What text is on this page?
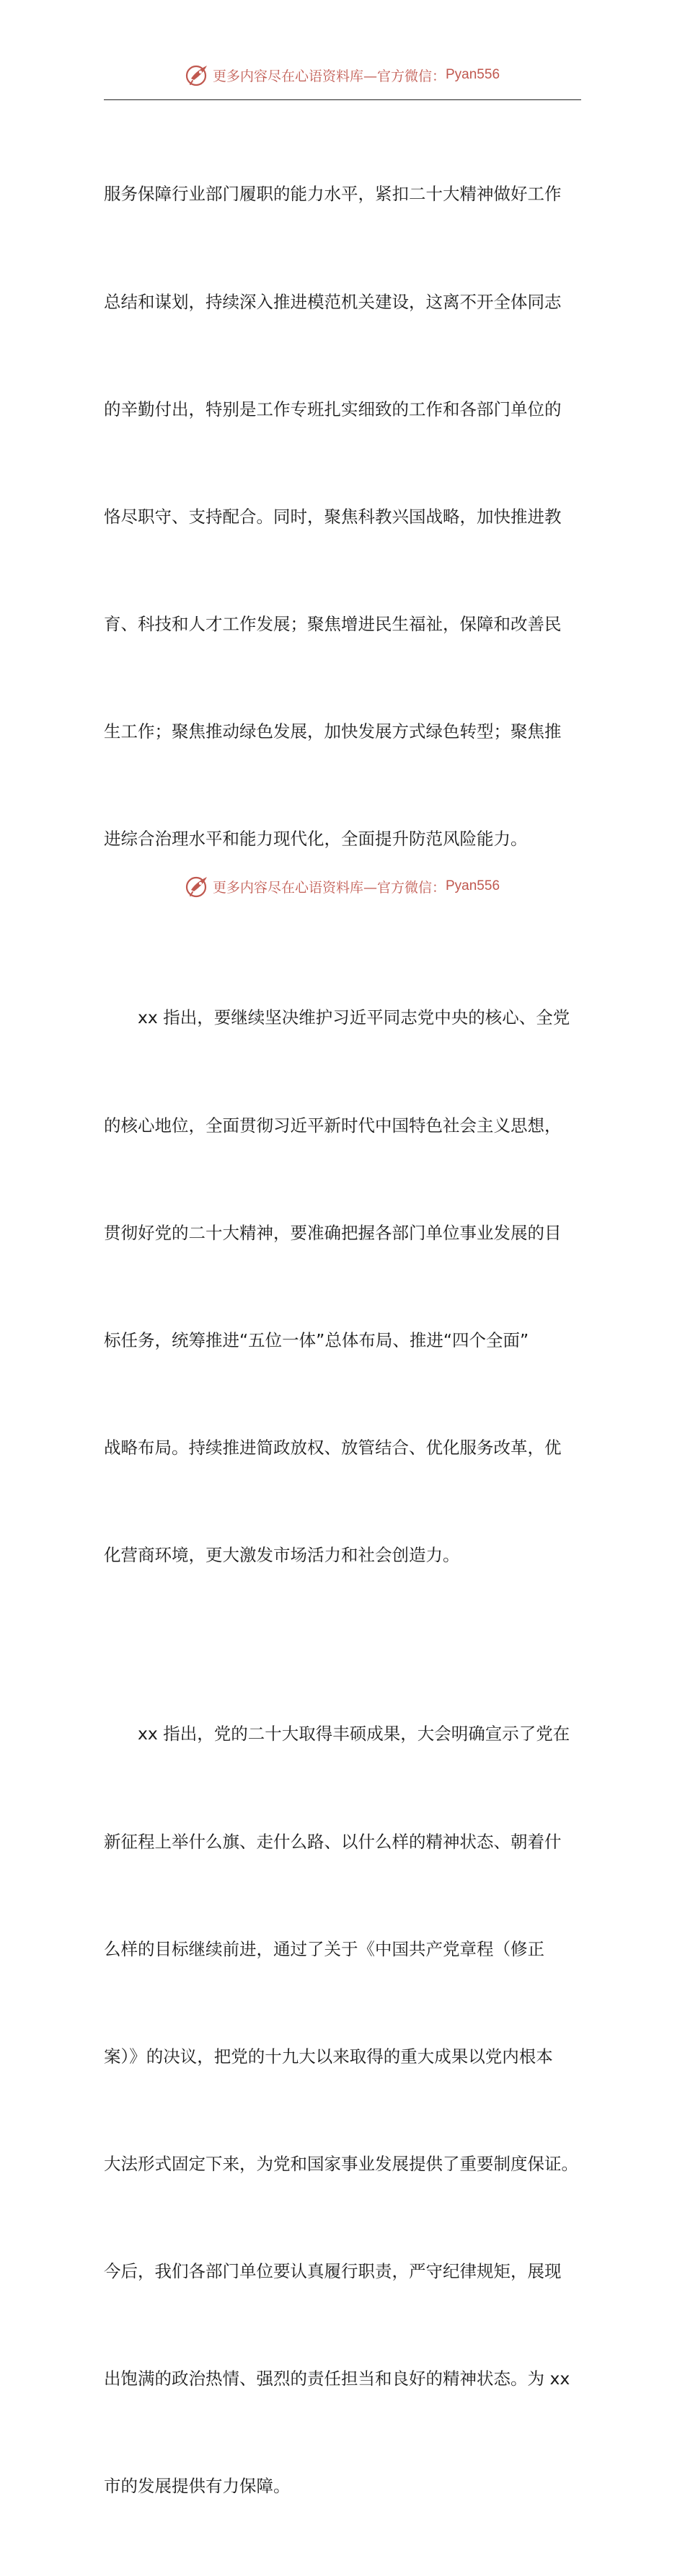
更多内容尽在心语资料库—官方微信： Pyan556

服务保障行业部门履职的能力水平，紧扣二十大精神做好工作

总结和谋划，持续深入推进模范机关建设，这离不开全体同志

的辛勤付出，特别是工作专班扎实细致的工作和各部门单位的

恪尽职守、支持配合。同时，聚焦科教兴国战略，加快推进教

育、科技和人才工作发展；聚焦增进民生福祉，保障和改善民

生工作；聚焦推动绿色发展，加快发展方式绿色转型；聚焦推

进综合治理水平和能力现代化，全面提升防范风险能力。

　　xx 指出，要继续坚决维护习近平同志党中央的核心、全党

的核心地位，全面贯彻习近平新时代中国特色社会主义思想，

贯彻好党的二十大精神，要准确把握各部门单位事业发展的目

标任务，统筹推进“五位一体”总体布局、推进“四个全面”

战略布局。持续推进简政放权、放管结合、优化服务改革，优

化营商环境，更大激发市场活力和社会创造力。

　　xx 指出，党的二十大取得丰硕成果，大会明确宣示了党在

新征程上举什么旗、走什么路、以什么样的精神状态、朝着什

么样的目标继续前进，通过了关于《中国共产党章程（修正

案）》的决议，把党的十九大以来取得的重大成果以党内根本

大法形式固定下来，为党和国家事业发展提供了重要制度保证。

今后，我们各部门单位要认真履行职责，严守纪律规矩，展现

出饱满的政治热情、强烈的责任担当和良好的精神状态。为 xx

市的发展提供有力保障。

更多内容尽在心语资料库—官方微信： Pyan556
